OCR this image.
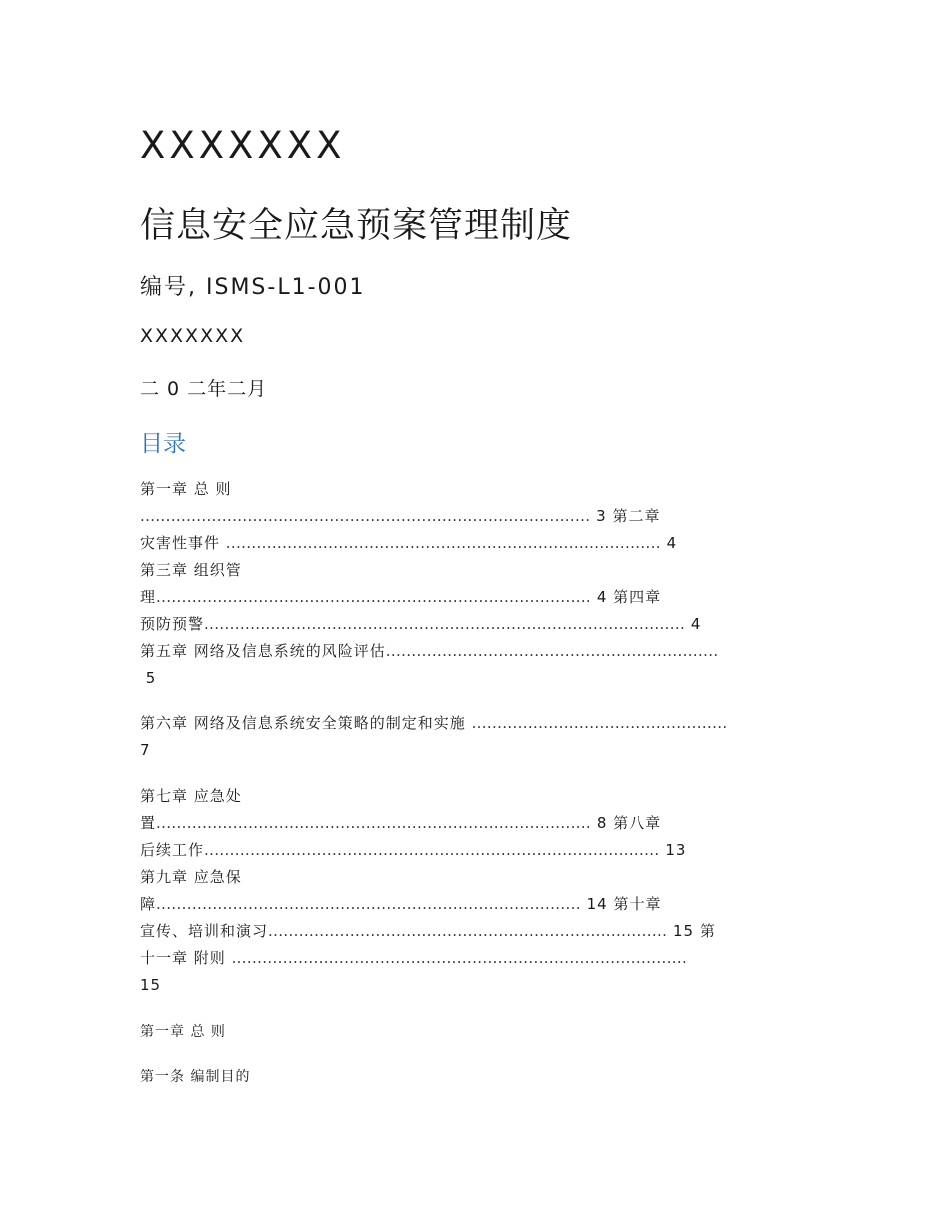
XXXXXXX
信息安全应急预案管理制度
编号, ISMS-L1-001
XXXXXXX
二 0 二年二月
目录
第一章 总 则
........................................................................................ 3 第二章
灾害性事件 ..................................................................................... 4
第三章 组织管
理..................................................................................... 4 第四章
预防预警.............................................................................................. 4
第五章 网络及信息系统的风险评估.................................................................
5
第六章 网络及信息系统安全策略的制定和实施 ..................................................
7
第七章 应急处
置..................................................................................... 8 第八章
后续工作......................................................................................... 13
第九章 应急保
障................................................................................... 14 第十章
宣传、培训和演习.............................................................................. 15 第
十一章 附则 .........................................................................................
15
第一章 总 则
第一条 编制目的
